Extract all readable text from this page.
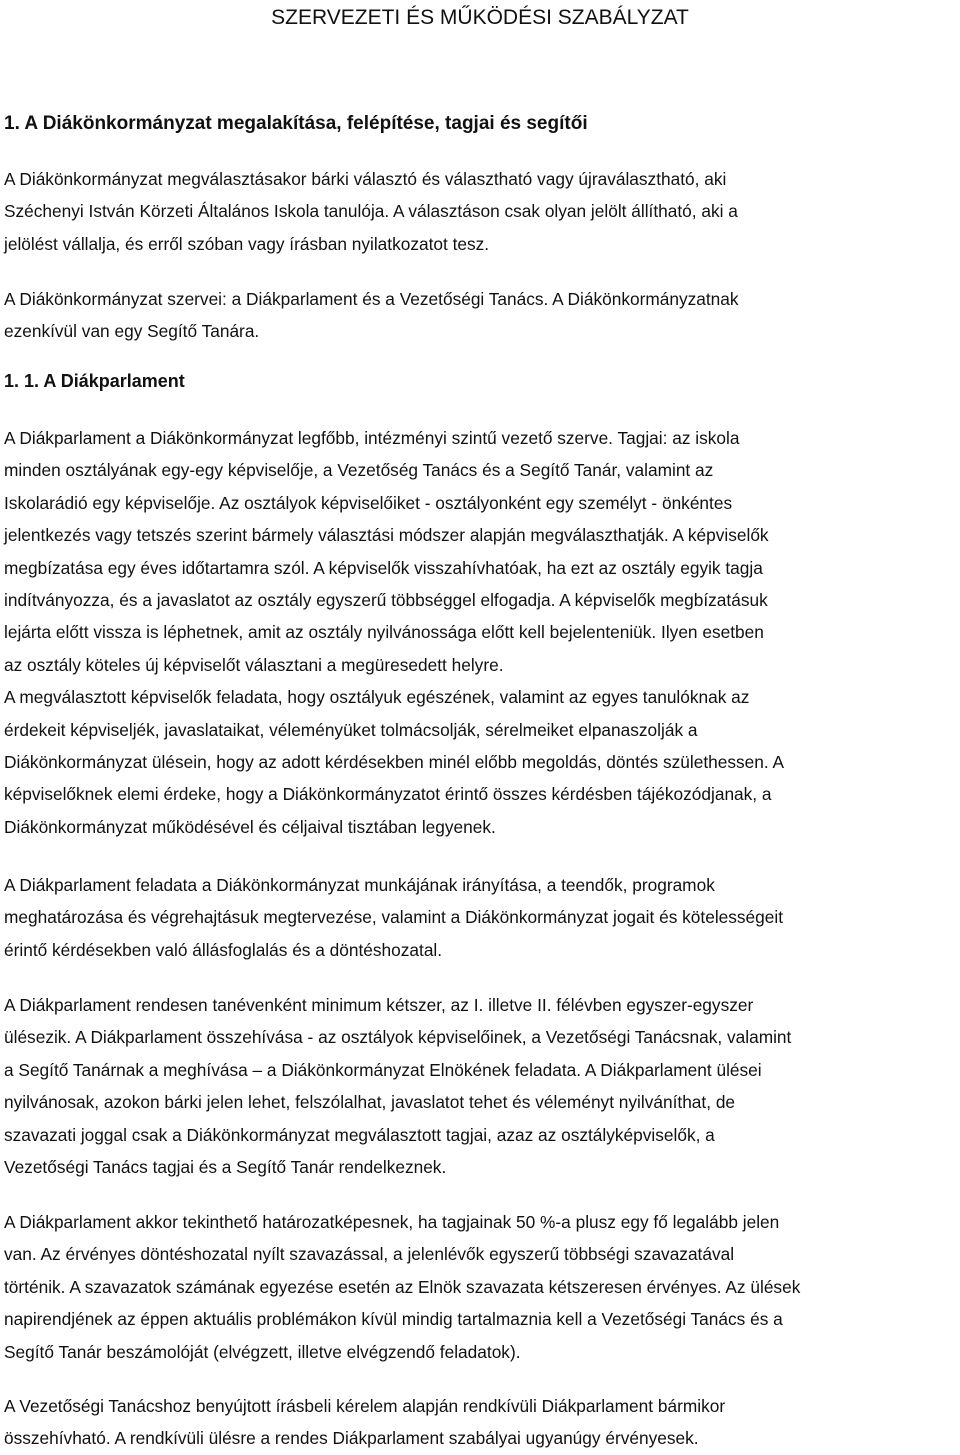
SZERVEZETI ÉS MŰKÖDÉSI SZABÁLYZAT
1. A Diákönkormányzat megalakítása, felépítése, tagjai és segítői
A Diákönkormányzat megválasztásakor bárki választó és választható vagy újraválasztható, aki
Széchenyi István Körzeti Általános Iskola tanulója. A választáson csak olyan jelölt állítható, aki a
jelölést vállalja, és erről szóban vagy írásban nyilatkozatot tesz.
A Diákönkormányzat szervei: a Diákparlament és a Vezetőségi Tanács. A Diákönkormányzatnak
ezenkívül van egy Segítő Tanára.
1. 1. A Diákparlament
A Diákparlament a Diákönkormányzat legfőbb, intézményi szintű vezető szerve. Tagjai: az iskola
minden osztályának egy-egy képviselője, a Vezetőség Tanács és a Segítő Tanár, valamint az
Iskolarádió egy képviselője. Az osztályok képviselőiket - osztályonként egy személyt - önkéntes
jelentkezés vagy tetszés szerint bármely választási módszer alapján megválaszthatják. A képviselők
megbízatása egy éves időtartamra szól. A képviselők visszahívhatóak, ha ezt az osztály egyik tagja
indítványozza, és a javaslatot az osztály egyszerű többséggel elfogadja. A képviselők megbízatásuk
lejárta előtt vissza is léphetnek, amit az osztály nyilvánossága előtt kell bejelenteniük. Ilyen esetben
az osztály köteles új képviselőt választani a megüresedett helyre.
A megválasztott képviselők feladata, hogy osztályuk egészének, valamint az egyes tanulóknak az
érdekeit képviseljék, javaslataikat, véleményüket tolmácsolják, sérelmeiket elpanaszolják a
Diákönkormányzat ülésein, hogy az adott kérdésekben minél előbb megoldás, döntés születhessen. A
képviselőknek elemi érdeke, hogy a Diákönkormányzatot érintő összes kérdésben tájékozódjanak, a
Diákönkormányzat működésével és céljaival tisztában legyenek.
A Diákparlament feladata a Diákönkormányzat munkájának irányítása, a teendők, programok
meghatározása és végrehajtásuk megtervezése, valamint a Diákönkormányzat jogait és kötelességeit
érintő kérdésekben való állásfoglalás és a döntéshozatal.
A Diákparlament rendesen tanévenként minimum kétszer, az I. illetve II. félévben egyszer-egyszer
ülésezik. A Diákparlament összehívása - az osztályok képviselőinek, a Vezetőségi Tanácsnak, valamint
a Segítő Tanárnak a meghívása – a Diákönkormányzat Elnökének feladata. A Diákparlament ülései
nyilvánosak, azokon bárki jelen lehet, felszólalhat, javaslatot tehet és véleményt nyilváníthat, de
szavazati joggal csak a Diákönkormányzat megválasztott tagjai, azaz az osztályképviselők, a
Vezetőségi Tanács tagjai és a Segítő Tanár rendelkeznek.
A Diákparlament akkor tekinthető határozatképesnek, ha tagjainak 50 %-a plusz egy fő legalább jelen
van. Az érvényes döntéshozatal nyílt szavazással, a jelenlévők egyszerű többségi szavazatával
történik. A szavazatok számának egyezése esetén az Elnök szavazata kétszeresen érvényes. Az ülések
napirendjének az éppen aktuális problémákon kívül mindig tartalmaznia kell a Vezetőségi Tanács és a
Segítő Tanár beszámolóját (elvégzett, illetve elvégzendő feladatok).
A Vezetőségi Tanácshoz benyújtott írásbeli kérelem alapján rendkívüli Diákparlament bármikor
összehívható. A rendkívüli ülésre a rendes Diákparlament szabályai ugyanúgy érvényesek.
